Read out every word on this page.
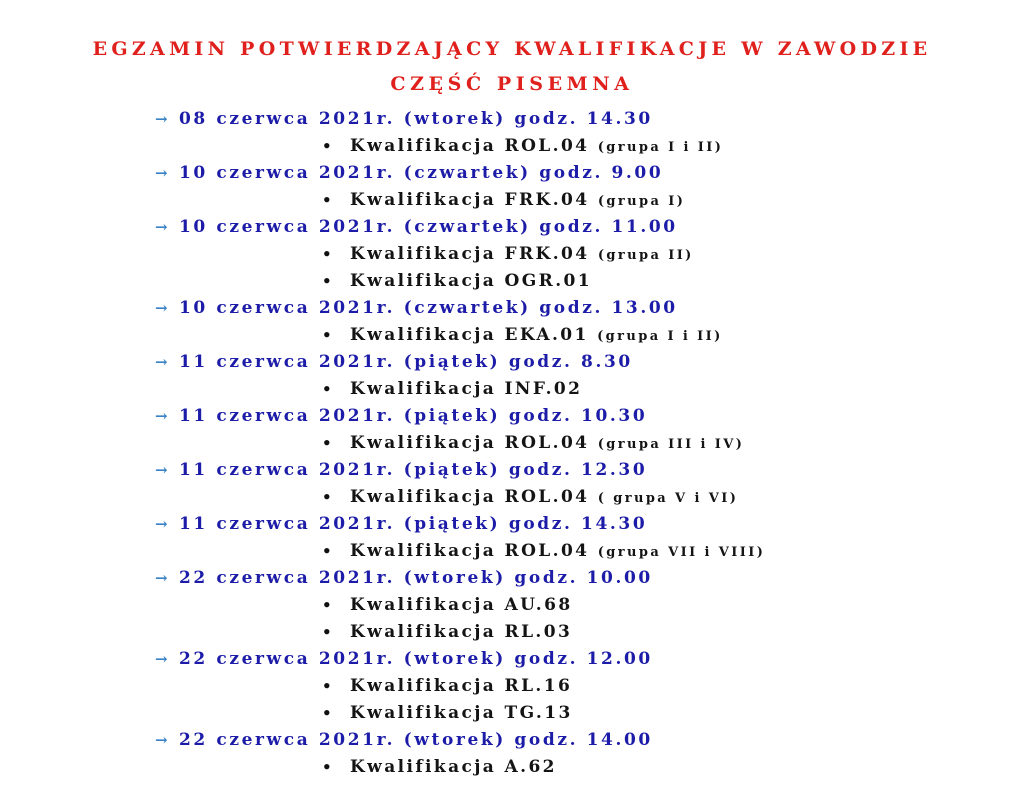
EGZAMIN POTWIERDZAJĄCY KWALIFIKACJE W ZAWODZIE
CZĘŚĆ PISEMNA
→ 08 czerwca 2021r. (wtorek) godz. 14.30
• Kwalifikacja ROL.04 (grupa I i II)
→ 10 czerwca 2021r. (czwartek) godz. 9.00
• Kwalifikacja FRK.04 (grupa I)
→ 10 czerwca 2021r. (czwartek) godz. 11.00
• Kwalifikacja FRK.04 (grupa II)
• Kwalifikacja OGR.01
→ 10 czerwca 2021r. (czwartek) godz. 13.00
• Kwalifikacja EKA.01 (grupa I i II)
→ 11 czerwca 2021r. (piątek) godz. 8.30
• Kwalifikacja INF.02
→ 11 czerwca 2021r. (piątek) godz. 10.30
• Kwalifikacja ROL.04 (grupa III i IV)
→ 11 czerwca 2021r. (piątek) godz. 12.30
• Kwalifikacja ROL.04 ( grupa V i VI)
→ 11 czerwca 2021r. (piątek) godz. 14.30
• Kwalifikacja ROL.04 (grupa VII i VIII)
→ 22 czerwca 2021r. (wtorek) godz. 10.00
• Kwalifikacja AU.68
• Kwalifikacja RL.03
→ 22 czerwca 2021r. (wtorek) godz. 12.00
• Kwalifikacja RL.16
• Kwalifikacja TG.13
→ 22 czerwca 2021r. (wtorek) godz. 14.00
• Kwalifikacja A.62
